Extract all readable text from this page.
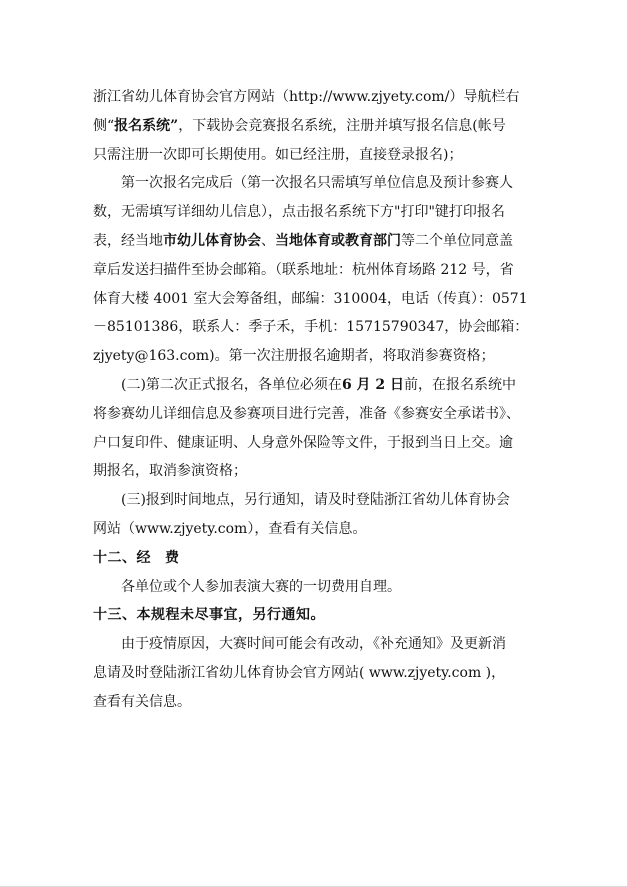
浙江省幼儿体育协会官方网站（http://www.zjyety.com/）导航栏右
侧“报名系统”，下载协会竞赛报名系统，注册并填写报名信息(帐号
只需注册一次即可长期使用。如已经注册，直接登录报名)；

第一次报名完成后（第一次报名只需填写单位信息及预计参赛人
数，无需填写详细幼儿信息），点击报名系统下方"打印"键打印报名
表，经当地市幼儿体育协会、当地体育或教育部门等二个单位同意盖
章后发送扫描件至协会邮箱。（联系地址：杭州体育场路 212 号，省
体育大楼 4001 室大会筹备组，邮编：310004，电话（传真）：0571
－85101386，联系人：季子禾，手机：15715790347，协会邮箱：
zjyety@163.com)。第一次注册报名逾期者，将取消参赛资格；

(二)第二次正式报名，各单位必须在6 月 2 日前，在报名系统中
将参赛幼儿详细信息及参赛项目进行完善，准备《参赛安全承诺书》、
户口复印件、健康证明、人身意外保险等文件，于报到当日上交。逾
期报名，取消参演资格；

(三)报到时间地点，另行通知，请及时登陆浙江省幼儿体育协会
网站（www.zjyety.com），查看有关信息。

十二、经 费

各单位或个人参加表演大赛的一切费用自理。

十三、本规程未尽事宜，另行通知。

由于疫情原因，大赛时间可能会有改动，《补充通知》及更新消
息请及时登陆浙江省幼儿体育协会官方网站( www.zjyety.com )，
查看有关信息。
